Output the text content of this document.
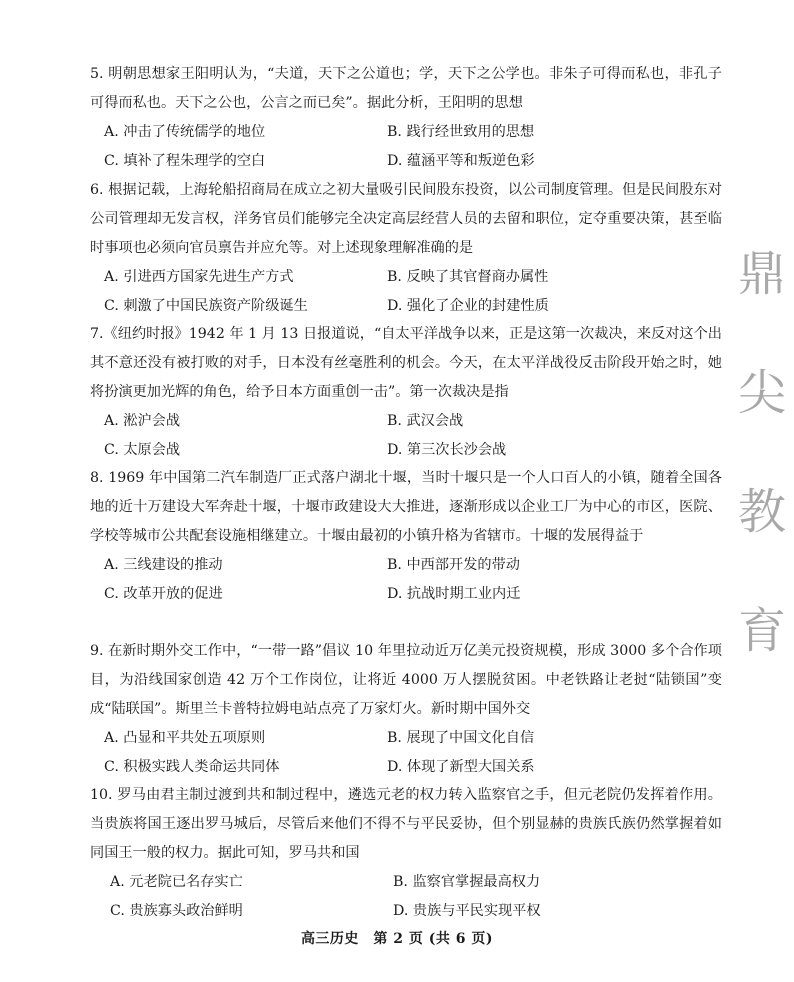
5. 明朝思想家王阳明认为，“夫道，天下之公道也；学，天下之公学也。非朱子可得而私也，非孔子可得而私也。天下之公也，公言之而已矣”。据此分析，王阳明的思想

A. 冲击了传统儒学的地位	B. 践行经世致用的思想
C. 填补了程朱理学的空白	D. 蕴涵平等和叛逆色彩

6. 根据记载，上海轮船招商局在成立之初大量吸引民间股东投资，以公司制度管理。但是民间股东对公司管理却无发言权，洋务官员们能够完全决定高层经营人员的去留和职位，定夺重要决策，甚至临时事项也必须向官员禀告并应允等。对上述现象理解准确的是

A. 引进西方国家先进生产方式	B. 反映了其官督商办属性
C. 刺激了中国民族资产阶级诞生	D. 强化了企业的封建性质

7.《纽约时报》1942 年 1 月 13 日报道说，“自太平洋战争以来，正是这第一次裁决，来反对这个出其不意还没有被打败的对手，日本没有丝毫胜利的机会。今天，在太平洋战役反击阶段开始之时，她将扮演更加光辉的角色，给予日本方面重创一击”。第一次裁决是指

A. 淞沪会战	B. 武汉会战
C. 太原会战	D. 第三次长沙会战

8. 1969 年中国第二汽车制造厂正式落户湖北十堰，当时十堰只是一个人口百人的小镇，随着全国各地的近十万建设大军奔赴十堰，十堰市政建设大大推进，逐渐形成以企业工厂为中心的市区，医院、学校等城市公共配套设施相继建立。十堰由最初的小镇升格为省辖市。十堰的发展得益于

A. 三线建设的推动	B. 中西部开发的带动
C. 改革开放的促进	D. 抗战时期工业内迁

9. 在新时期外交工作中，“一带一路”倡议 10 年里拉动近万亿美元投资规模，形成 3000 多个合作项目，为沿线国家创造 42 万个工作岗位，让将近 4000 万人摆脱贫困。中老铁路让老挝“陆锁国”变成“陆联国”。斯里兰卡普特拉姆电站点亮了万家灯火。新时期中国外交

A. 凸显和平共处五项原则	B. 展现了中国文化自信
C. 积极实践人类命运共同体	D. 体现了新型大国关系

10. 罗马由君主制过渡到共和制过程中，遴选元老的权力转入监察官之手，但元老院仍发挥着作用。当贵族将国王逐出罗马城后，尽管后来他们不得不与平民妥协，但个别显赫的贵族氏族仍然掌握着如同国王一般的权力。据此可知，罗马共和国

A. 元老院已名存实亡	B. 监察官掌握最高权力
C. 贵族寡头政治鲜明	D. 贵族与平民实现平权
高三历史　第 2 页 (共 6 页)
鼎
尖
教
育
